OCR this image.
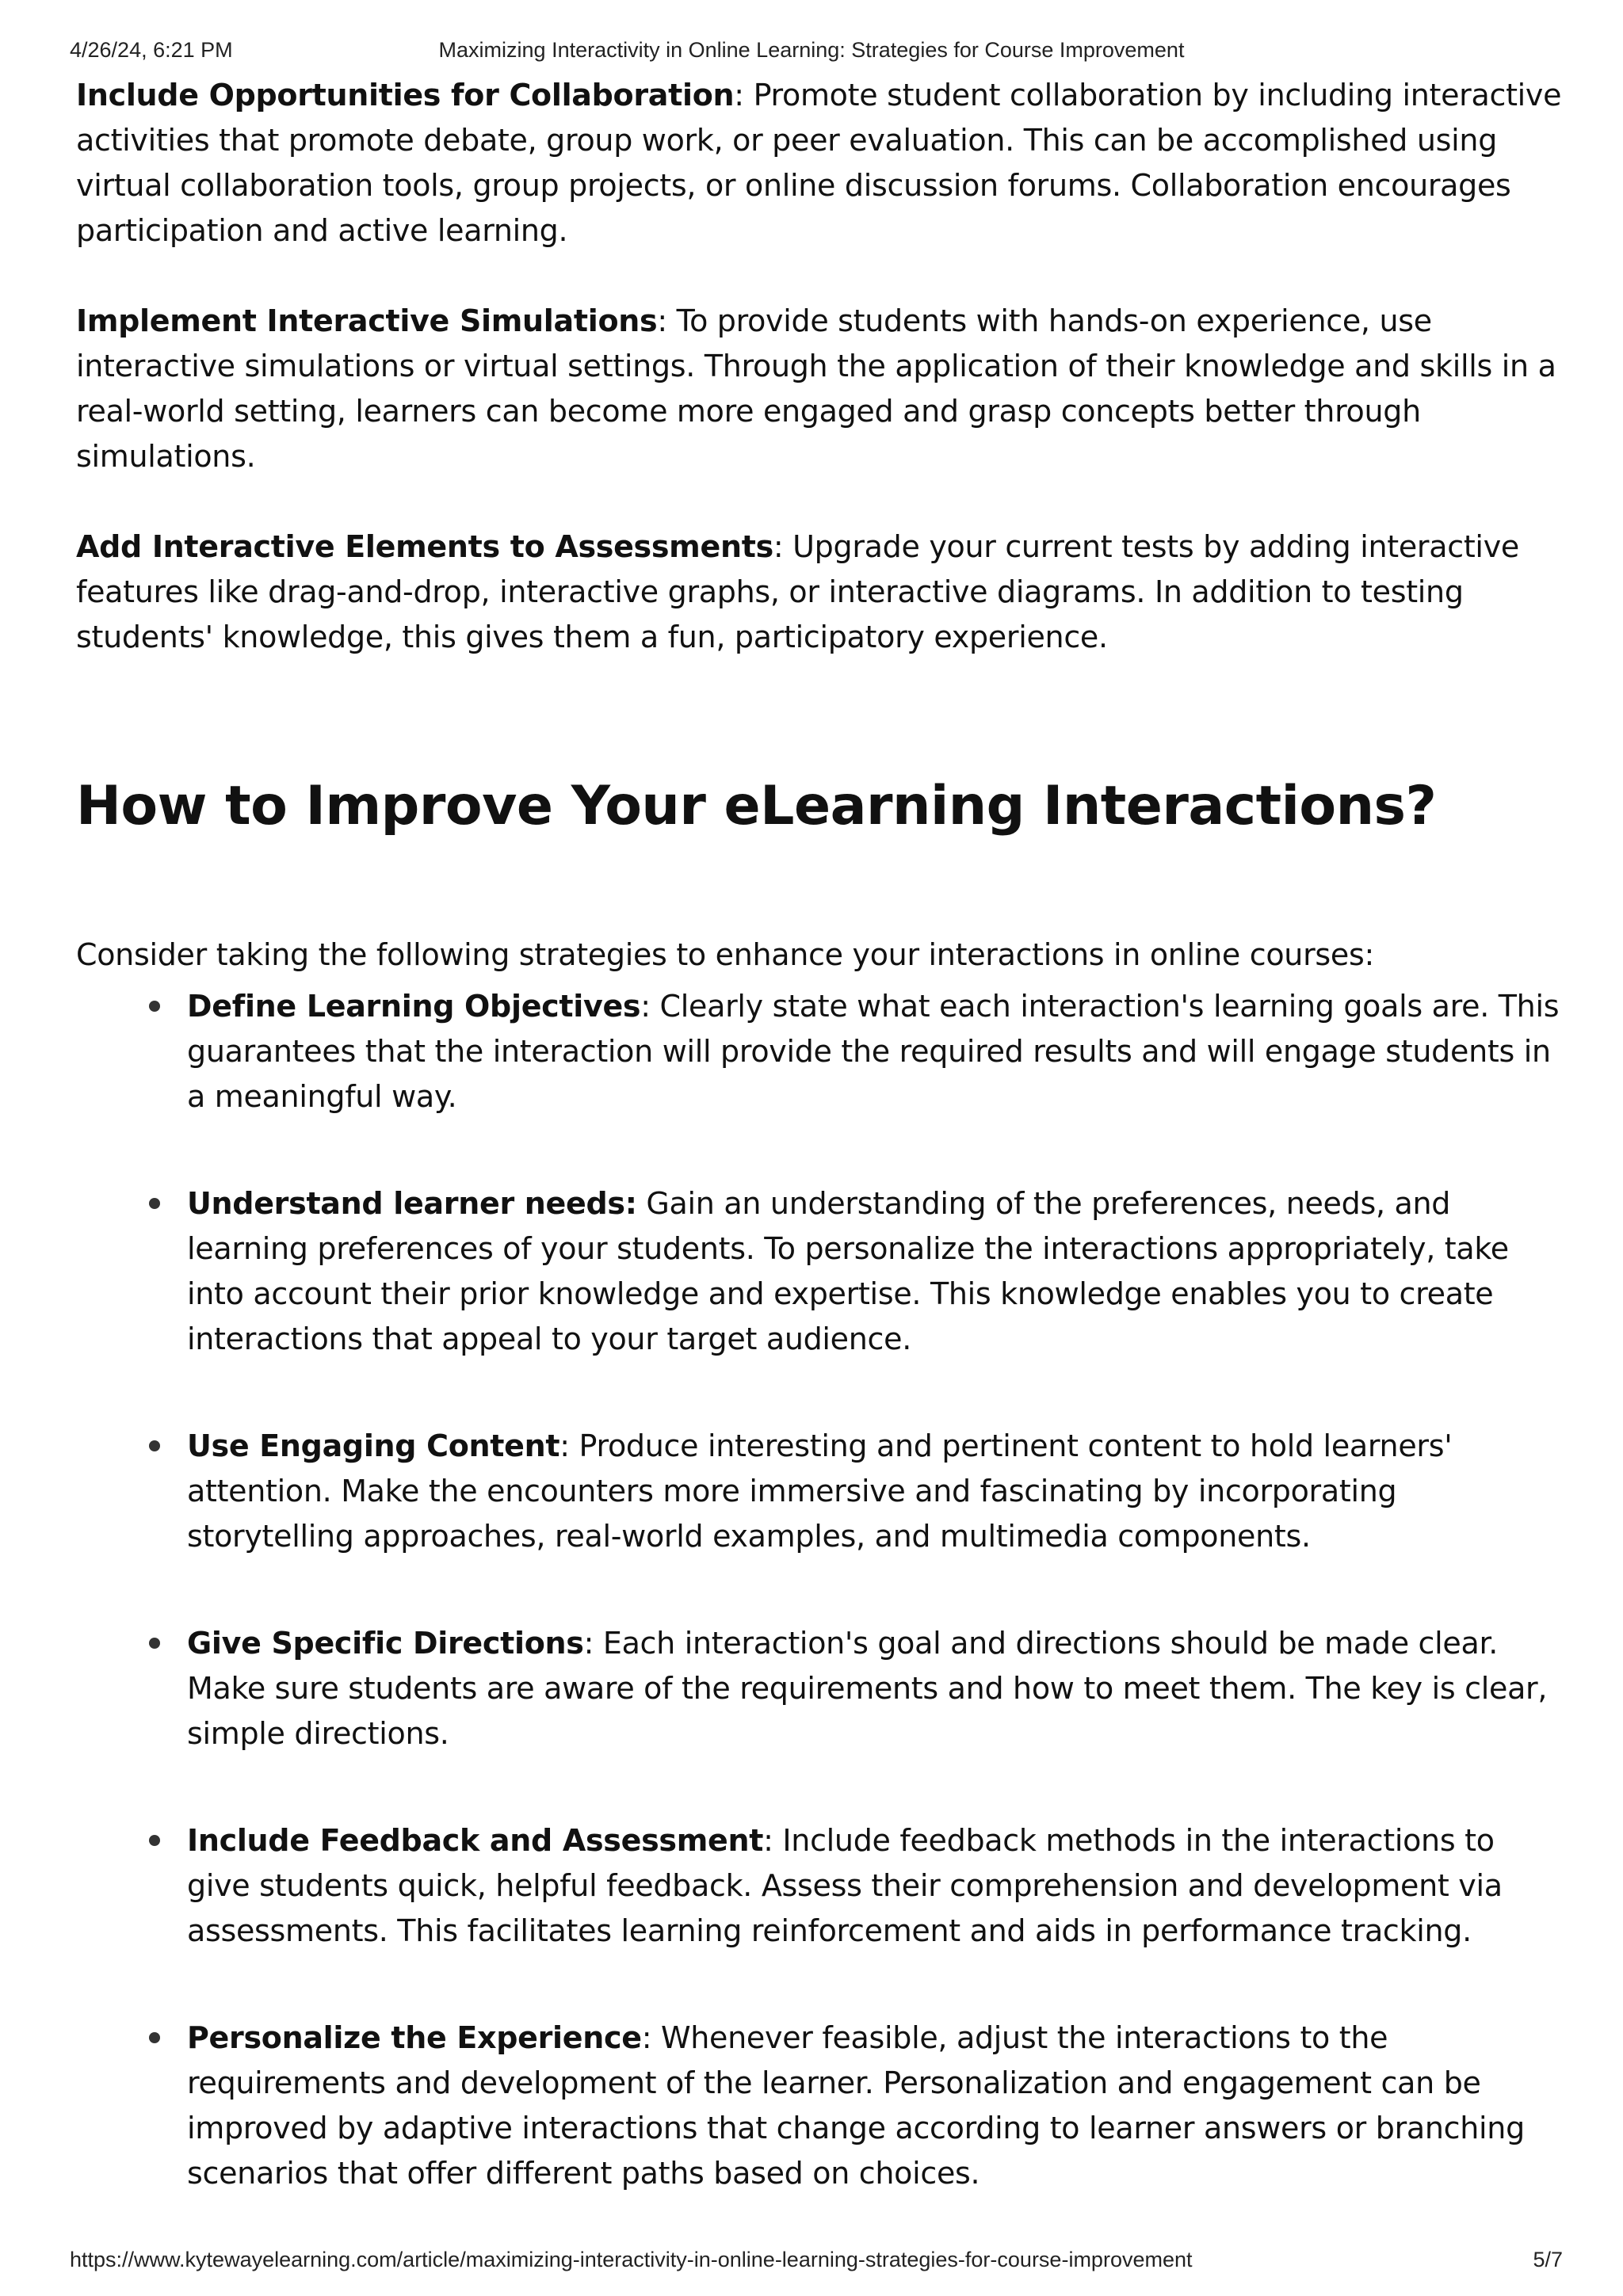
4/26/24, 6:21 PM	Maximizing Interactivity in Online Learning: Strategies for Course Improvement

Include Opportunities for Collaboration: Promote student collaboration by including interactive activities that promote debate, group work, or peer evaluation. This can be accomplished using virtual collaboration tools, group projects, or online discussion forums. Collaboration encourages participation and active learning.

Implement Interactive Simulations: To provide students with hands-on experience, use interactive simulations or virtual settings. Through the application of their knowledge and skills in a real-world setting, learners can become more engaged and grasp concepts better through simulations.

Add Interactive Elements to Assessments: Upgrade your current tests by adding interactive features like drag-and-drop, interactive graphs, or interactive diagrams. In addition to testing students' knowledge, this gives them a fun, participatory experience.

How to Improve Your eLearning Interactions?

Consider taking the following strategies to enhance your interactions in online courses:

Define Learning Objectives: Clearly state what each interaction's learning goals are. This guarantees that the interaction will provide the required results and will engage students in a meaningful way.
Understand learner needs: Gain an understanding of the preferences, needs, and learning preferences of your students. To personalize the interactions appropriately, take into account their prior knowledge and expertise. This knowledge enables you to create interactions that appeal to your target audience.
Use Engaging Content: Produce interesting and pertinent content to hold learners' attention. Make the encounters more immersive and fascinating by incorporating storytelling approaches, real-world examples, and multimedia components.
Give Specific Directions: Each interaction's goal and directions should be made clear. Make sure students are aware of the requirements and how to meet them. The key is clear, simple directions.
Include Feedback and Assessment: Include feedback methods in the interactions to give students quick, helpful feedback. Assess their comprehension and development via assessments. This facilitates learning reinforcement and aids in performance tracking.
Personalize the Experience: Whenever feasible, adjust the interactions to the requirements and development of the learner. Personalization and engagement can be improved by adaptive interactions that change according to learner answers or branching scenarios that offer different paths based on choices.
https://www.kytewayelearning.com/article/maximizing-interactivity-in-online-learning-strategies-for-course-improvement	5/7
